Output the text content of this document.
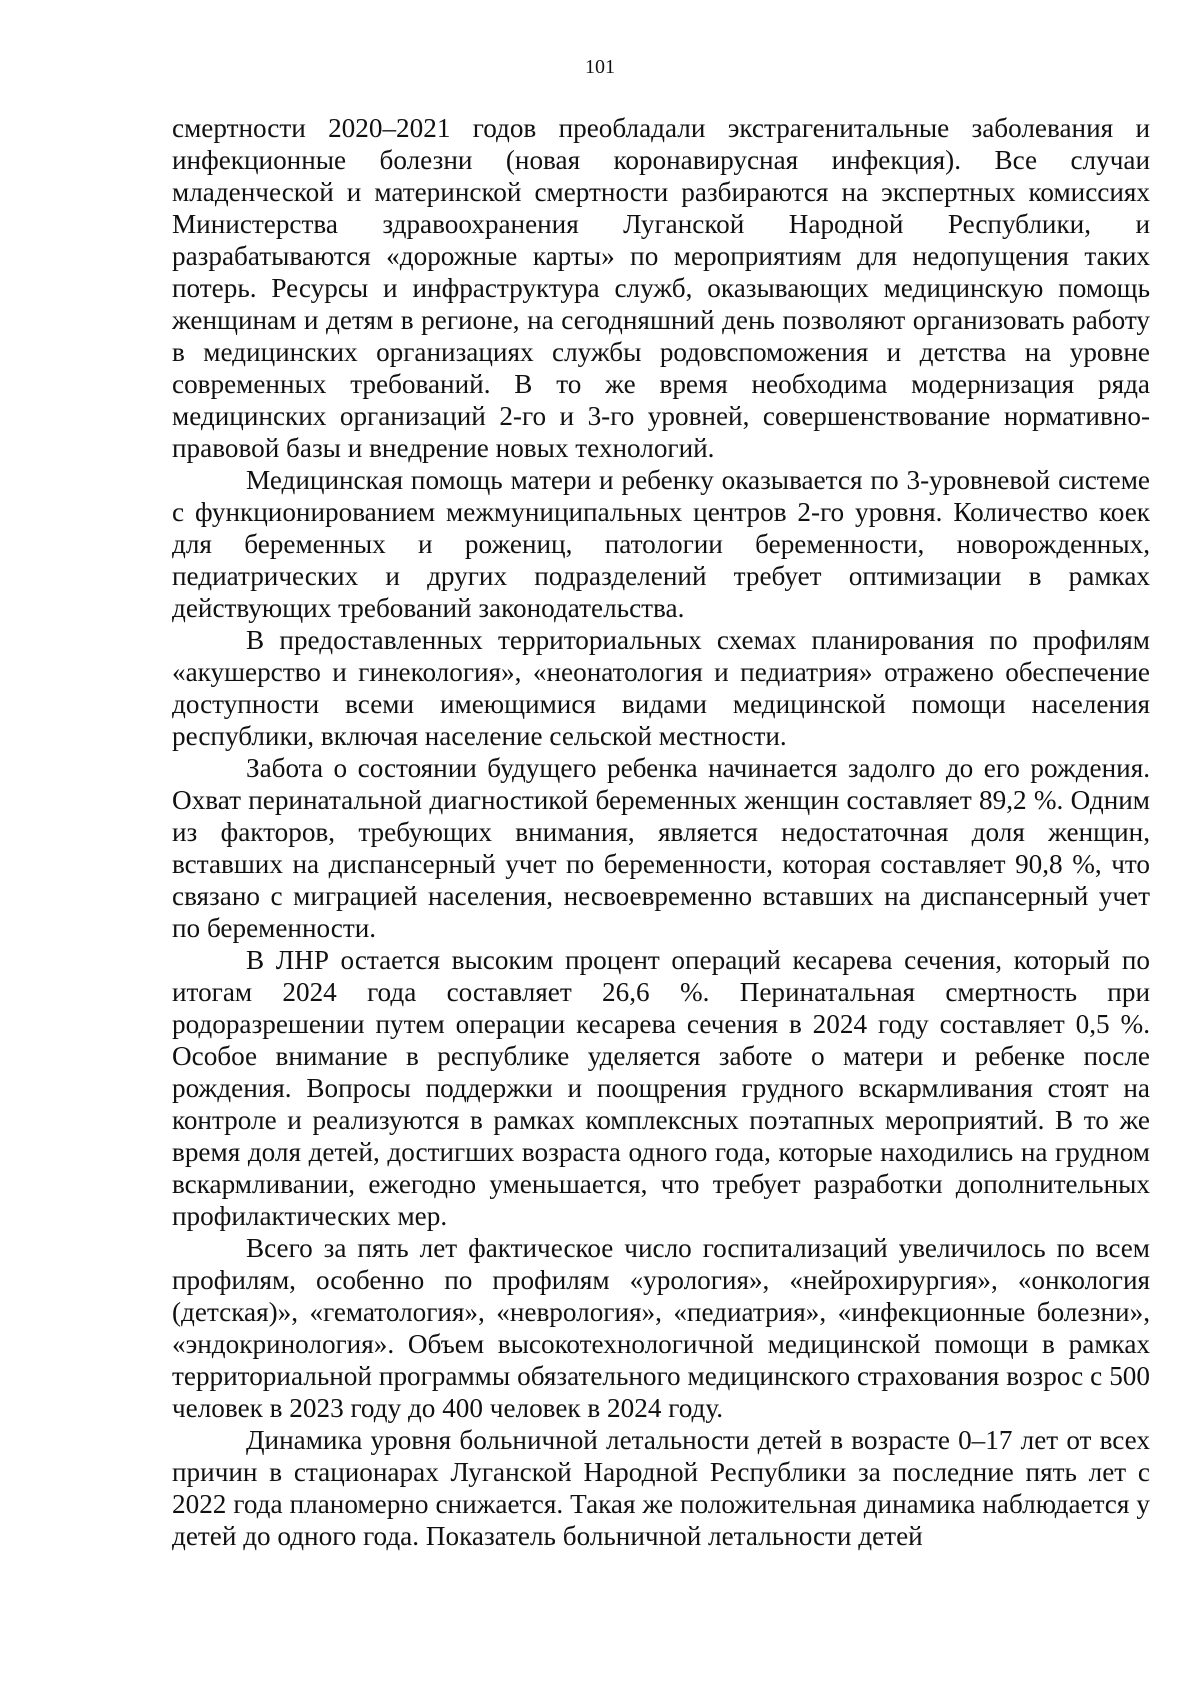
101

смертности 2020–2021 годов преобладали экстрагенитальные заболевания и инфекционные болезни (новая коронавирусная инфекция). Все случаи младенческой и материнской смертности разбираются на экспертных комиссиях Министерства здравоохранения Луганской Народной Республики, и разрабатываются «дорожные карты» по мероприятиям для недопущения таких потерь. Ресурсы и инфраструктура служб, оказывающих медицинскую помощь женщинам и детям в регионе, на сегодняшний день позволяют организовать работу в медицинских организациях службы родовспоможения и детства на уровне современных требований. В то же время необходима модернизация ряда медицинских организаций 2-го и 3-го уровней, совершенствование нормативно-правовой базы и внедрение новых технологий.

Медицинская помощь матери и ребенку оказывается по 3-уровневой системе с функционированием межмуниципальных центров 2-го уровня. Количество коек для беременных и рожениц, патологии беременности, новорожденных, педиатрических и других подразделений требует оптимизации в рамках действующих требований законодательства.

В предоставленных территориальных схемах планирования по профилям «акушерство и гинекология», «неонатология и педиатрия» отражено обеспечение доступности всеми имеющимися видами медицинской помощи населения республики, включая население сельской местности.

Забота о состоянии будущего ребенка начинается задолго до его рождения. Охват перинатальной диагностикой беременных женщин составляет 89,2 %. Одним из факторов, требующих внимания, является недостаточная доля женщин, вставших на диспансерный учет по беременности, которая составляет 90,8 %, что связано с миграцией населения, несвоевременно вставших на диспансерный учет по беременности.

В ЛНР остается высоким процент операций кесарева сечения, который по итогам 2024 года составляет 26,6 %. Перинатальная смертность при родоразрешении путем операции кесарева сечения в 2024 году составляет 0,5 %. Особое внимание в республике уделяется заботе о матери и ребенке после рождения. Вопросы поддержки и поощрения грудного вскармливания стоят на контроле и реализуются в рамках комплексных поэтапных мероприятий. В то же время доля детей, достигших возраста одного года, которые находились на грудном вскармливании, ежегодно уменьшается, что требует разработки дополнительных профилактических мер.

Всего за пять лет фактическое число госпитализаций увеличилось по всем профилям, особенно по профилям «урология», «нейрохирургия», «онкология (детская)», «гематология», «неврология», «педиатрия», «инфекционные болезни», «эндокринология». Объем высокотехнологичной медицинской помощи в рамках территориальной программы обязательного медицинского страхования возрос с 500 человек в 2023 году до 400 человек в 2024 году.

Динамика уровня больничной летальности детей в возрасте 0–17 лет от всех причин в стационарах Луганской Народной Республики за последние пять лет с 2022 года планомерно снижается. Такая же положительная динамика наблюдается у детей до одного года. Показатель больничной летальности детей
